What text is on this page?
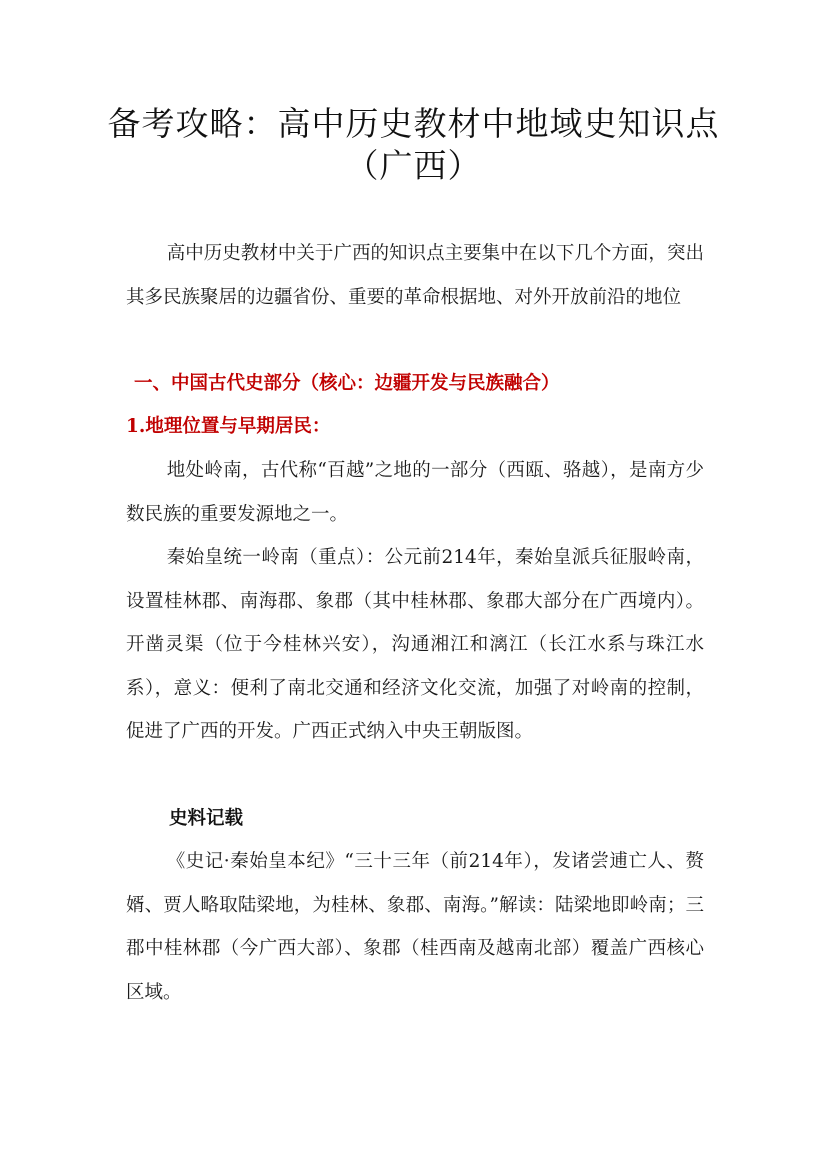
备考攻略：高中历史教材中地域史知识点
（广西）

高中历史教材中关于广西的知识点主要集中在以下几个方面，突出其多民族聚居的边疆省份、重要的革命根据地、对外开放前沿的地位

一、中国古代史部分（核心：边疆开发与民族融合）
1.地理位置与早期居民：

地处岭南，古代称“百越”之地的一部分（西瓯、骆越），是南方少数民族的重要发源地之一。

秦始皇统一岭南（重点）：公元前214年，秦始皇派兵征服岭南，设置桂林郡、南海郡、象郡（其中桂林郡、象郡大部分在广西境内）。开凿灵渠（位于今桂林兴安），沟通湘江和漓江（长江水系与珠江水系），意义：便利了南北交通和经济文化交流，加强了对岭南的控制，促进了广西的开发。广西正式纳入中央王朝版图。

史料记载

《史记·秦始皇本纪》“三十三年（前214年），发诸尝逋亡人、赘婿、贾人略取陆梁地，为桂林、象郡、南海。”解读：陆梁地即岭南；三郡中桂林郡（今广西大部）、象郡（桂西南及越南北部）覆盖广西核心区域。
